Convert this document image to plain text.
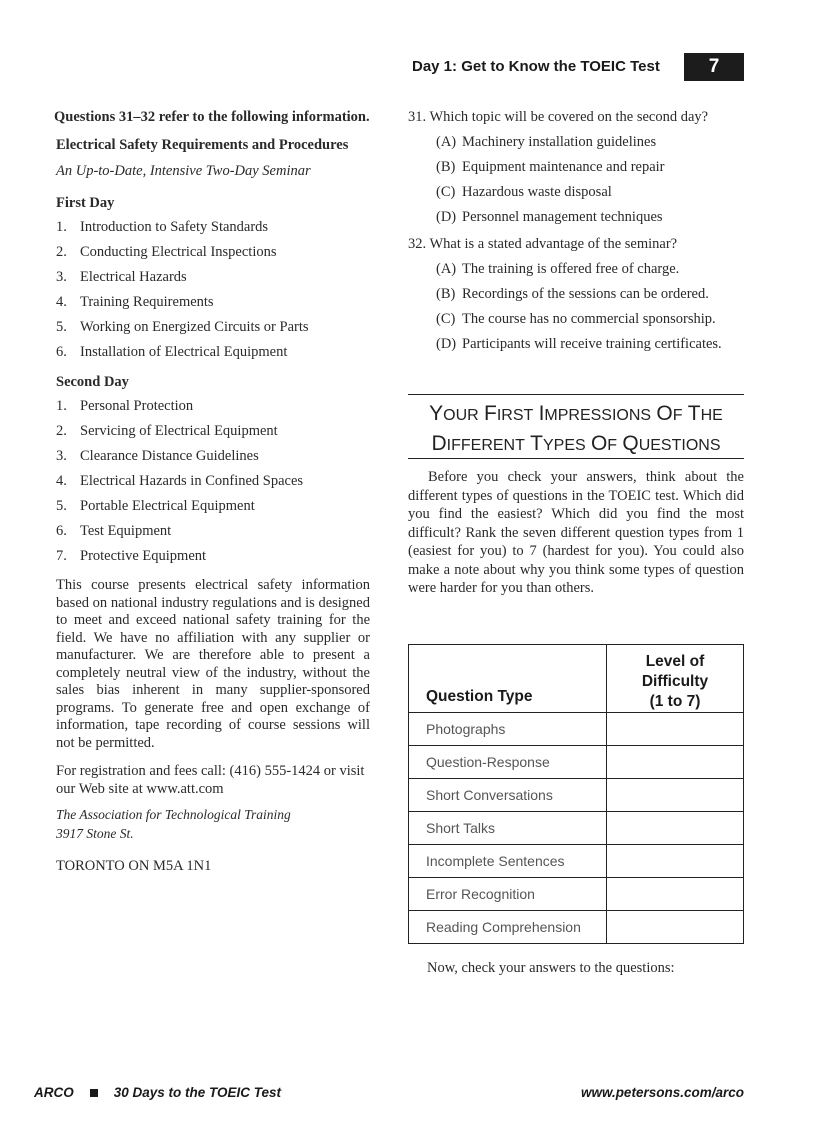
Day 1: Get to Know the TOEIC Test	7

Questions 31–32 refer to the following information.

Electrical Safety Requirements and Procedures

An Up-to-Date, Intensive Two-Day Seminar

First Day

1. Introduction to Safety Standards
2. Conducting Electrical Inspections
3. Electrical Hazards
4. Training Requirements
5. Working on Energized Circuits or Parts
6. Installation of Electrical Equipment

Second Day

1. Personal Protection
2. Servicing of Electrical Equipment
3. Clearance Distance Guidelines
4. Electrical Hazards in Confined Spaces
5. Portable Electrical Equipment
6. Test Equipment
7. Protective Equipment

This course presents electrical safety information based on national industry regulations and is designed to meet and exceed national safety training for the field. We have no affiliation with any supplier or manufacturer. We are therefore able to present a completely neutral view of the industry, without the sales bias inherent in many supplier-sponsored programs. To generate free and open exchange of information, tape recording of course sessions will not be permitted.

For registration and fees call: (416) 555-1424 or visit our Web site at www.att.com

The Association for Technological Training

3917 Stone St.

TORONTO ON M5A 1N1

31. Which topic will be covered on the second day?
(A) Machinery installation guidelines
(B) Equipment maintenance and repair
(C) Hazardous waste disposal
(D) Personnel management techniques
32. What is a stated advantage of the seminar?
(A) The training is offered free of charge.
(B) Recordings of the sessions can be ordered.
(C) The course has no commercial sponsorship.
(D) Participants will receive training certificates.
YOUR FIRST IMPRESSIONS OF THE
DIFFERENT TYPES OF QUESTIONS

Before you check your answers, think about the different types of questions in the TOEIC test. Which did you find the easiest? Which did you find the most difficult? Rank the seven different question types from 1 (easiest for you) to 7 (hardest for you). You could also make a note about why you think some types of question were harder for you than others.

Question Type	Level of Difficulty
(1 to 7)
Photographs	
Question-Response	
Short Conversations	
Short Talks	
Incomplete Sentences	
Error Recognition	
Reading Comprehension	

Now, check your answers to the questions:

ARCO	30 Days to the TOEIC Test	www.petersons.com/arco
